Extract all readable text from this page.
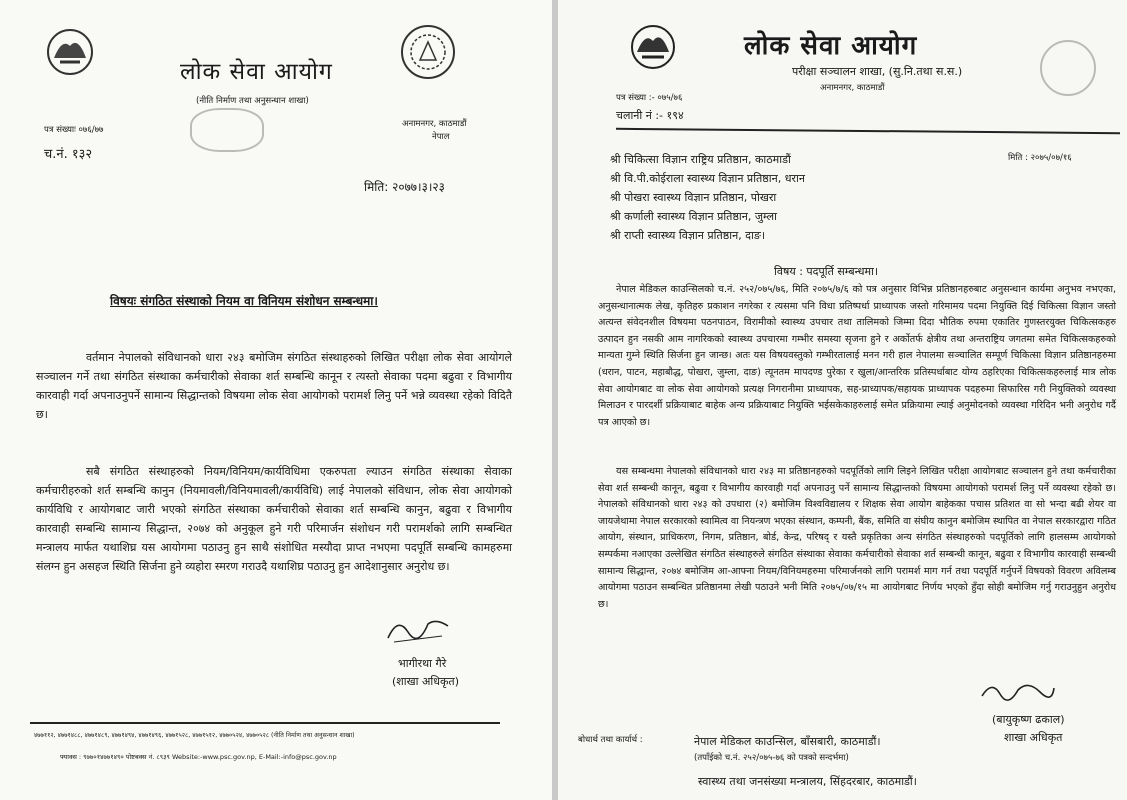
लोक सेवा आयोग
(नीति निर्माण तथा अनुसन्धान शाखा)
पत्र संख्याः ०७६/७७
अनामनगर, काठमाडौं
नेपाल
च.नं. १३२
मिति: २०७७।३।२३
विषयः संगठित संस्थाको नियम वा विनियम संशोधन सम्बन्धमा।
वर्तमान नेपालको संविधानको धारा २४३ बमोजिम संगठित संस्थाहरुको लिखित परीक्षा लोक सेवा आयोगले सञ्चालन गर्ने तथा संगठित संस्थाका कर्मचारीको सेवाका शर्त सम्बन्धि कानून र त्यस्तो सेवाका पदमा बढुवा र विभागीय कारवाही गर्दा अपनाउनुपर्ने सामान्य सिद्धान्तको विषयमा लोक सेवा आयोगको परामर्श लिनु पर्ने भन्ने व्यवस्था रहेको विदितै छ।
सबै संगठित संस्थाहरुको नियम/विनियम/कार्यविधिमा एकरुपता ल्याउन संगठित संस्थाका सेवाका कर्मचारीहरुको शर्त सम्बन्धि कानुन (नियमावली/विनियमावली/कार्यविधि) लाई नेपालको संविधान, लोक सेवा आयोगको कार्यविधि र आयोगबाट जारी भएको संगठित संस्थाका कर्मचारीको सेवाका शर्त सम्बन्धि कानुन, बढुवा र विभागीय कारवाही सम्बन्धि सामान्य सिद्धान्त, २०७४ को अनुकूल हुने गरी परिमार्जन संशोधन गरी परामर्शको लागि सम्बन्धित मन्त्रालय मार्फत यथाशिघ्र यस आयोगमा पठाउनु हुन साथै संशोधित मस्यौदा प्राप्त नभएमा पदपूर्ति सम्बन्धि कामहरुमा संलग्न हुन असहज स्थिति सिर्जना हुने व्यहोरा स्मरण गराउदै यथाशिघ्र पठाउनु हुन आदेशानुसार अनुरोध छ।
भागीरथा गैरे
(शाखा अधिकृत)
४७७११२, ४७७१४८८, ४७७१४८९, ४७७१४९४, ४७७१४९६, ४७७१५२८, ४७७१५१२, ४७७०५२४, ४७७०५२८ (नीति निर्माण तथा अनुसन्धान शाखा)
फ्याक्स : ९७७०१४७७१४९० पोष्टबक्स नं. ८९३९ Website:-www.psc.gov.np, E-Mail:-info@psc.gov.np
लोक सेवा आयोग
परीक्षा सञ्चालन शाखा, (सु.नि.तथा स.स.)
अनामनगर, काठमाडौं
पत्र संख्या :- ०७५/७६
चलानी नं :- १९४
मिति : २०७५/०७/१६
श्री चिकित्सा विज्ञान राष्ट्रिय प्रतिष्ठान, काठमाडौं
श्री वि.पी.कोईराला स्वास्थ्य विज्ञान प्रतिष्ठान, धरान
श्री पोखरा स्वास्थ्य विज्ञान प्रतिष्ठान, पोखरा
श्री कर्णाली स्वास्थ्य विज्ञान प्रतिष्ठान, जुम्ला
श्री राप्ती स्वास्थ्य विज्ञान प्रतिष्ठान, दाङ।
विषय : पदपूर्ति सम्बन्धमा।
नेपाल मेडिकल काउन्सिलको च.नं. २५२/०७५/७६, मिति २०७५/७/६ को पत्र अनुसार विभिन्न प्रतिष्ठानहरुबाट अनुसन्धान कार्यमा अनुभव नभएका, अनुसन्धानात्मक लेख, कृतिहरु प्रकाशन नगरेका र त्यसमा पनि विधा प्रतिष्पर्धा प्राध्यापक जस्तो गरिमामय पदमा नियुक्ति दिई चिकित्सा विज्ञान जस्तो अत्यन्त संवेदनशील विषयमा पठनपाठन, विरामीको स्वास्थ्य उपचार तथा तालिमको जिम्मा दिदा भौतिक रुपमा एकातिर गुणस्तरयुक्त चिकित्सकहरु उत्पादन हुन नसकी आम नागरिकको स्वास्थ्य उपचारमा गम्भीर समस्या सृजना हुने र अर्कोतर्फ क्षेत्रीय तथा अन्तराष्ट्रिय जगतमा समेत चिकित्सकहरुको मान्यता गुम्ने स्थिति सिर्जना हुन जान्छ। अतः यस विषयवस्तुको गम्भीरतालाई मनन गरी हाल नेपालमा सञ्चालित सम्पूर्ण चिकित्सा विज्ञान प्रतिष्ठानहरुमा (धरान, पाटन, महाबौद्ध, पोखरा, जुम्ला, दाङ) त्यूनतम मापदण्ड पुरेका र खुला/आन्तरिक प्रतिस्पर्धाबाट योग्य ठहरिएका चिकित्सकहरुलाई मात्र लोक सेवा आयोगबाट वा लोक सेवा आयोगको प्रत्यक्ष निगरानीमा प्राध्यापक, सह-प्राध्यापक/सहायक प्राध्यापक पदहरुमा सिफारिस गरी नियुक्तिको व्यवस्था मिलाउन र पारदर्शी प्रक्रियाबाट बाहेक अन्य प्रक्रियाबाट नियुक्ति भईसकेकाहरुलाई समेत प्रक्रियामा ल्याई अनुमोदनको व्यवस्था गरिदिन भनी अनुरोध गर्दै पत्र आएको छ।
यस सम्बन्धमा नेपालको संविधानको धारा २४३ मा प्रतिष्ठानहरुको पदपूर्तिको लागि लिइने लिखित परीक्षा आयोगबाट सञ्चालन हुने तथा कर्मचारीका सेवा शर्त सम्बन्धी कानून, बढुवा र विभागीय कारवाही गर्दा अपनाउनु पर्ने सामान्य सिद्धान्तको विषयमा आयोगको परामर्श लिनु पर्ने व्यवस्था रहेको छ। नेपालको संविधानको धारा २४३ को उपधारा (२) बमोजिम विश्वविद्यालय र शिक्षक सेवा आयोग बाहेकका पचास प्रतिशत वा सो भन्दा बढी शेयर वा जायजेथामा नेपाल सरकारको स्वामित्व वा नियन्त्रण भएका संस्थान, कम्पनी, बैंक, समिति वा संघीय कानुन बमोजिम स्थापित वा नेपाल सरकारद्वारा गठित आयोग, संस्थान, प्राधिकरण, निगम, प्रतिष्ठान, बोर्ड, केन्द्र, परिषद् र यस्तै प्रकृतिका अन्य संगठित संस्थाहरुको पदपूर्तिको लागि हालसम्म आयोगको सम्पर्कमा नआएका उल्लेखित संगठित संस्थाहरुले संगठित संस्थाका सेवाका कर्मचारीको सेवाका शर्त सम्बन्धी कानून, बढुवा र विभागीय कारवाही सम्बन्धी सामान्य सिद्धान्त, २०७४ बमोजिम आ-आफ्ना नियम/विनियमहरुमा परिमार्जनको लागि परामर्श माग गर्न तथा पदपूर्ति गर्नुपर्ने विषयको विवरण अविलम्ब आयोगमा पठाउन सम्बन्धित प्रतिष्ठानमा लेखी पठाउने भनी मिति २०७५/०७/१५ मा आयोगबाट निर्णय भएको हुँदा सोही बमोजिम गर्नु गराउनुहुन अनुरोध छ।
(बायुकृष्ण ढकाल)
शाखा अधिकृत
बोधार्थ तथा कार्यार्थ :	नेपाल मेडिकल काउन्सिल, बाँसबारी, काठमाडौं।
(तपाँईको च.नं. २५२/०७५-७६ को पत्रको सन्दर्भमा)
स्वास्थ्य तथा जनसंख्या मन्त्रालय, सिंहदरबार, काठमाडौं।
